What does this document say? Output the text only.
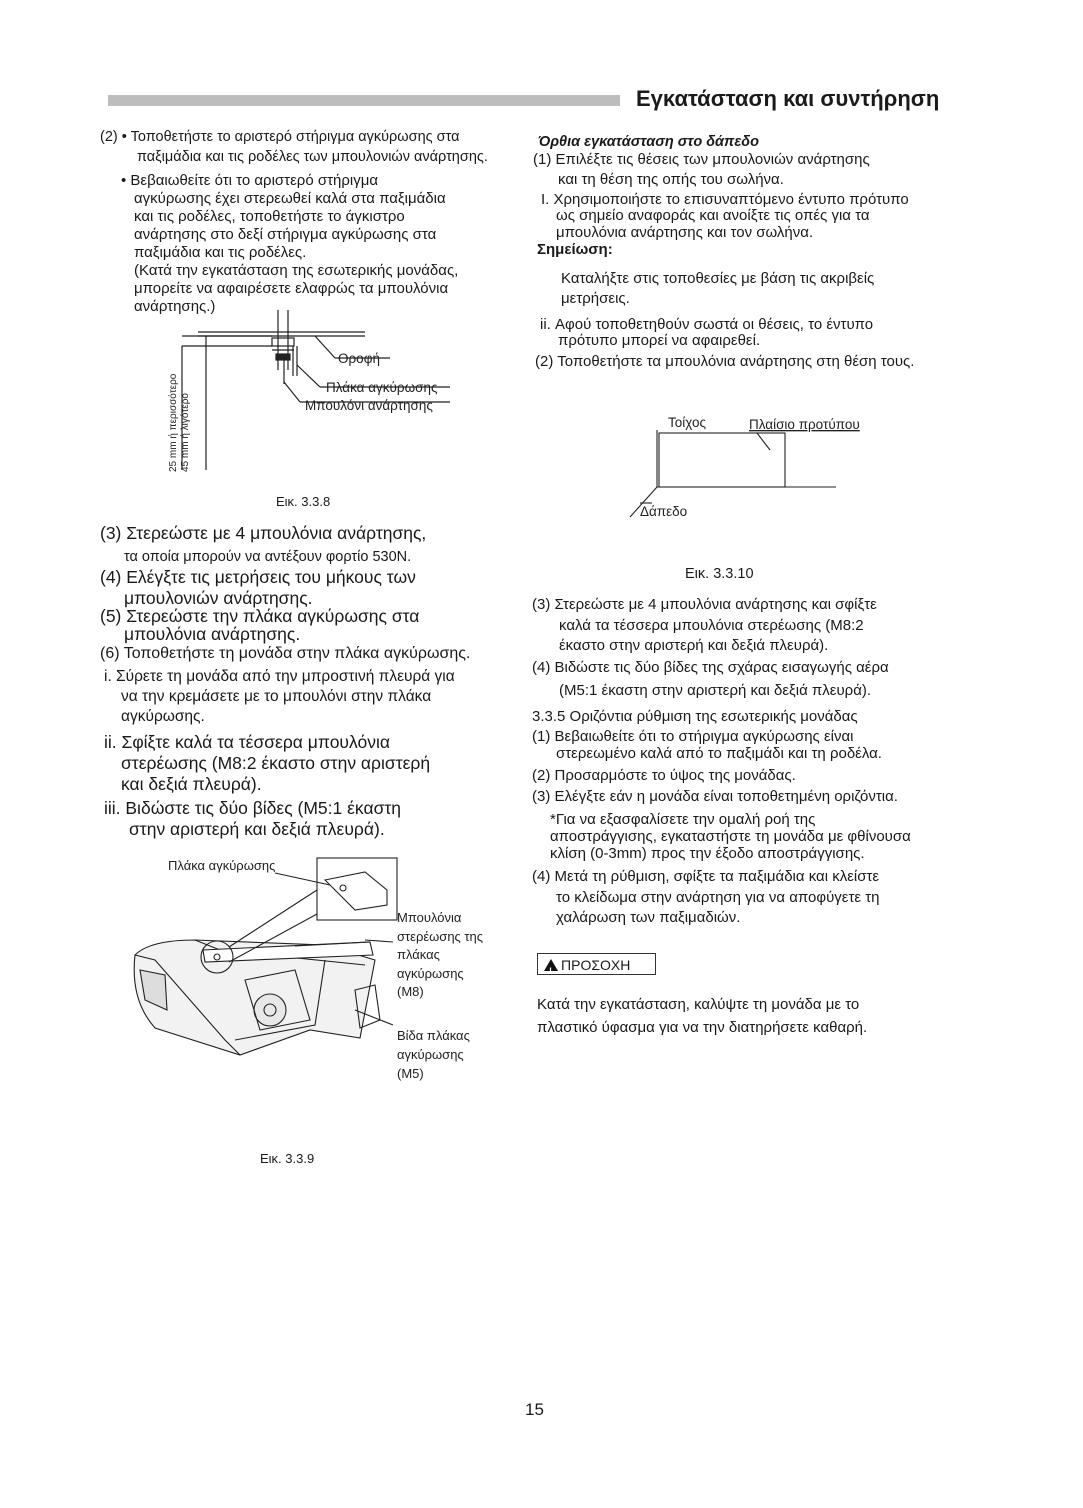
Εγκατάσταση και συντήρηση
(2) • Τοποθετήστε το αριστερό στήριγμα αγκύρωσης στα
παξιμάδια και τις ροδέλες των μπουλονιών ανάρτησης.
• Βεβαιωθείτε ότι το αριστερό στήριγμα
αγκύρωσης έχει στερεωθεί καλά στα παξιμάδια
και τις ροδέλες, τοποθετήστε το άγκιστρο
ανάρτησης στο δεξί στήριγμα αγκύρωσης στα
παξιμάδια και τις ροδέλες.
(Κατά την εγκατάσταση της εσωτερικής μονάδας,
μπορείτε να αφαιρέσετε ελαφρώς τα μπουλόνια
ανάρτησης.)
Οροφή
Πλάκα αγκύρωσης
Μπουλόνι ανάρτησης
25 mm ή περισσότερο 45 mm ή λιγότερο
Εικ. 3.3.8
(3) Στερεώστε με 4 μπουλόνια ανάρτησης,
τα οποία μπορούν να αντέξουν φορτίο 530N.
(4) Ελέγξτε τις μετρήσεις του μήκους των
μπουλονιών ανάρτησης.
(5) Στερεώστε την πλάκα αγκύρωσης στα
μπουλόνια ανάρτησης.
(6) Τοποθετήστε τη μονάδα στην πλάκα αγκύρωσης.
i. Σύρετε τη μονάδα από την μπροστινή πλευρά για
να την κρεμάσετε με το μπουλόνι στην πλάκα
αγκύρωσης.
ii. Σφίξτε καλά τα τέσσερα μπουλόνια
στερέωσης (M8:2 έκαστο στην αριστερή
και δεξιά πλευρά).
iii. Βιδώστε τις δύο βίδες (M5:1 έκαστη
στην αριστερή και δεξιά πλευρά).
Πλάκα αγκύρωσης
Μπουλόνια
στερέωσης της
πλάκας
αγκύρωσης
(M8)
Βίδα πλάκας
αγκύρωσης
(M5)
Εικ. 3.3.9
Όρθια εγκατάσταση στο δάπεδο
(1) Επιλέξτε τις θέσεις των μπουλονιών ανάρτησης
και τη θέση της οπής του σωλήνα.
I. Χρησιμοποιήστε το επισυναπτόμενο έντυπο πρότυπο
ως σημείο αναφοράς και ανοίξτε τις οπές για τα
μπουλόνια ανάρτησης και τον σωλήνα.
Σημείωση:
Καταλήξτε στις τοποθεσίες με βάση τις ακριβείς
μετρήσεις.
ii. Αφού τοποθετηθούν σωστά οι θέσεις, το έντυπο
πρότυπο μπορεί να αφαιρεθεί.
(2) Τοποθετήστε τα μπουλόνια ανάρτησης στη θέση τους.
Τοίχος	Πλαίσιο προτύπου
Δάπεδο
Εικ. 3.3.10
(3) Στερεώστε με 4 μπουλόνια ανάρτησης και σφίξτε
καλά τα τέσσερα μπουλόνια στερέωσης (M8:2
έκαστο στην αριστερή και δεξιά πλευρά).
(4) Βιδώστε τις δύο βίδες της σχάρας εισαγωγής αέρα
(M5:1 έκαστη στην αριστερή και δεξιά πλευρά).
3.3.5 Οριζόντια ρύθμιση της εσωτερικής μονάδας
(1) Βεβαιωθείτε ότι το στήριγμα αγκύρωσης είναι
στερεωμένο καλά από το παξιμάδι και τη ροδέλα.
(2) Προσαρμόστε το ύψος της μονάδας.
(3) Ελέγξτε εάν η μονάδα είναι τοποθετημένη οριζόντια.
*Για να εξασφαλίσετε την ομαλή ροή της
αποστράγγισης, εγκαταστήστε τη μονάδα με φθίνουσα
κλίση (0-3mm) προς την έξοδο αποστράγγισης.
(4) Μετά τη ρύθμιση, σφίξτε τα παξιμάδια και κλείστε
το κλείδωμα στην ανάρτηση για να αποφύγετε τη
χαλάρωση των παξιμαδιών.
!ΠΡΟΣΟΧΗ
Κατά την εγκατάσταση, καλύψτε τη μονάδα με το
πλαστικό ύφασμα για να την διατηρήσετε καθαρή.
15
